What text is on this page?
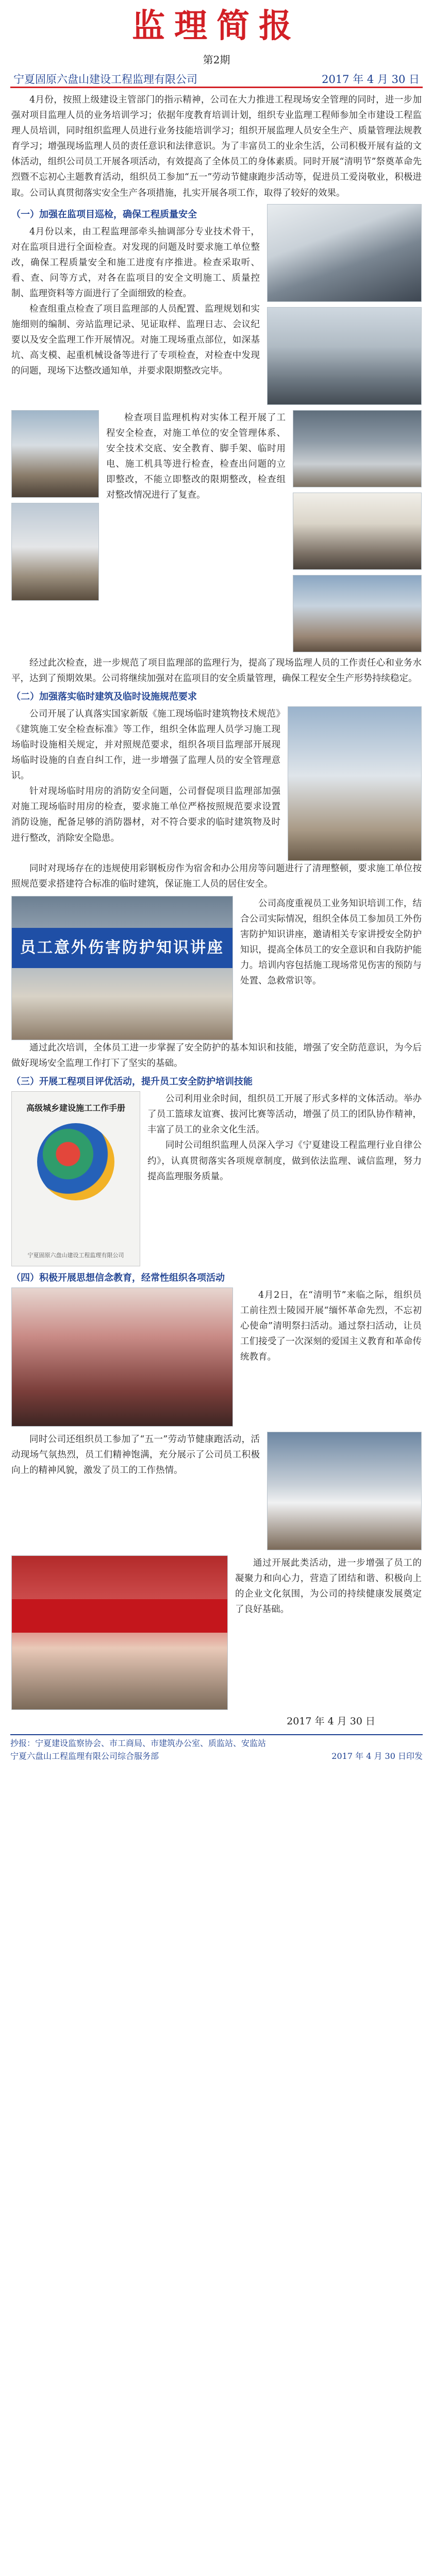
监理简报
第2期
宁夏固原六盘山建设工程监理有限公司	2017 年 4 月 30 日

4月份，按照上级建设主管部门的指示精神，公司在大力推进工程现场安全管理的同时，进一步加强对项目监理人员的业务培训学习；依据年度教育培训计划，组织专业监理工程师参加全市建设工程监理人员培训，同时组织监理人员进行业务技能培训学习；组织开展监理人员安全生产、质量管理法规教育学习；增强现场监理人员的责任意识和法律意识。为了丰富员工的业余生活，公司积极开展有益的文体活动，组织公司员工开展各项活动，有效提高了全体员工的身体素质。同时开展“清明节”祭奠革命先烈暨不忘初心主题教育活动，组织员工参加“五一”劳动节健康跑步活动等，促进员工爱岗敬业，积极进取。公司认真贯彻落实安全生产各项措施，扎实开展各项工作，取得了较好的效果。

（一）加强在监项目巡检，确保工程质量安全

4月份以来，由工程监理部牵头抽调部分专业技术骨干，对在监项目进行全面检查。对发现的问题及时要求施工单位整改，确保工程质量安全和施工进度有序推进。检查采取听、看、查、问等方式，对各在监项目的安全文明施工、质量控制、监理资料等方面进行了全面细致的检查。

检查组重点检查了项目监理部的人员配置、监理规划和实施细则的编制、旁站监理记录、见证取样、监理日志、会议纪要以及安全监理工作开展情况。对施工现场重点部位，如深基坑、高支模、起重机械设备等进行了专项检查，对检查中发现的问题，现场下达整改通知单，并要求限期整改完毕。

检查项目监理机构对实体工程开展了工程安全检查，对施工单位的安全管理体系、安全技术交底、安全教育、脚手架、临时用电、施工机具等进行检查，检查出问题的立即整改，不能立即整改的限期整改，检查组对整改情况进行了复查。

经过此次检查，进一步规范了项目监理部的监理行为，提高了现场监理人员的工作责任心和业务水平，达到了预期效果。公司将继续加强对在监项目的安全质量管理，确保工程安全生产形势持续稳定。

（二）加强落实临时建筑及临时设施规范要求

公司开展了认真落实国家新版《施工现场临时建筑物技术规范》《建筑施工安全检查标准》等工作，组织全体监理人员学习施工现场临时设施相关规定，并对照规范要求，组织各项目监理部开展现场临时设施的自查自纠工作，进一步增强了监理人员的安全管理意识。

针对现场临时用房的消防安全问题，公司督促项目监理部加强对施工现场临时用房的检查，要求施工单位严格按照规范要求设置消防设施，配备足够的消防器材，对不符合要求的临时建筑物及时进行整改，消除安全隐患。

同时对现场存在的违规使用彩钢板房作为宿舍和办公用房等问题进行了清理整顿，要求施工单位按照规范要求搭建符合标准的临时建筑，保证施工人员的居住安全。

员工意外伤害防护知识讲座

公司高度重视员工业务知识培训工作，结合公司实际情况，组织全体员工参加员工外伤害防护知识讲座，邀请相关专家讲授安全防护知识，提高全体员工的安全意识和自我防护能力。培训内容包括施工现场常见伤害的预防与处置、急救常识等。

通过此次培训，全体员工进一步掌握了安全防护的基本知识和技能，增强了安全防范意识，为今后做好现场安全监理工作打下了坚实的基础。

（三）开展工程项目评优活动，提升员工安全防护培训技能
高级城乡建设施工工作手册
宁夏固原六盘山建设工程监理有限公司

公司利用业余时间，组织员工开展了形式多样的文体活动。举办了员工篮球友谊赛、拔河比赛等活动，增强了员工的团队协作精神，丰富了员工的业余文化生活。

同时公司组织监理人员深入学习《宁夏建设工程监理行业自律公约》，认真贯彻落实各项规章制度，做到依法监理、诚信监理，努力提高监理服务质量。

（四）积极开展思想信念教育，经常性组织各项活动

4月2日，在“清明节”来临之际，组织员工前往烈士陵园开展“缅怀革命先烈，不忘初心使命”清明祭扫活动。通过祭扫活动，让员工们接受了一次深刻的爱国主义教育和革命传统教育。

同时公司还组织员工参加了“五一”劳动节健康跑活动，活动现场气氛热烈，员工们精神饱满，充分展示了公司员工积极向上的精神风貌，激发了员工的工作热情。

通过开展此类活动，进一步增强了员工的凝聚力和向心力，营造了团结和谐、积极向上的企业文化氛围，为公司的持续健康发展奠定了良好基础。

2017 年 4 月 30 日
抄报：宁夏建设监察协会、市工商局、市建筑办公室、质监站、安监站
宁夏六盘山工程监理有限公司综合服务部	2017 年 4 月 30 日印发
